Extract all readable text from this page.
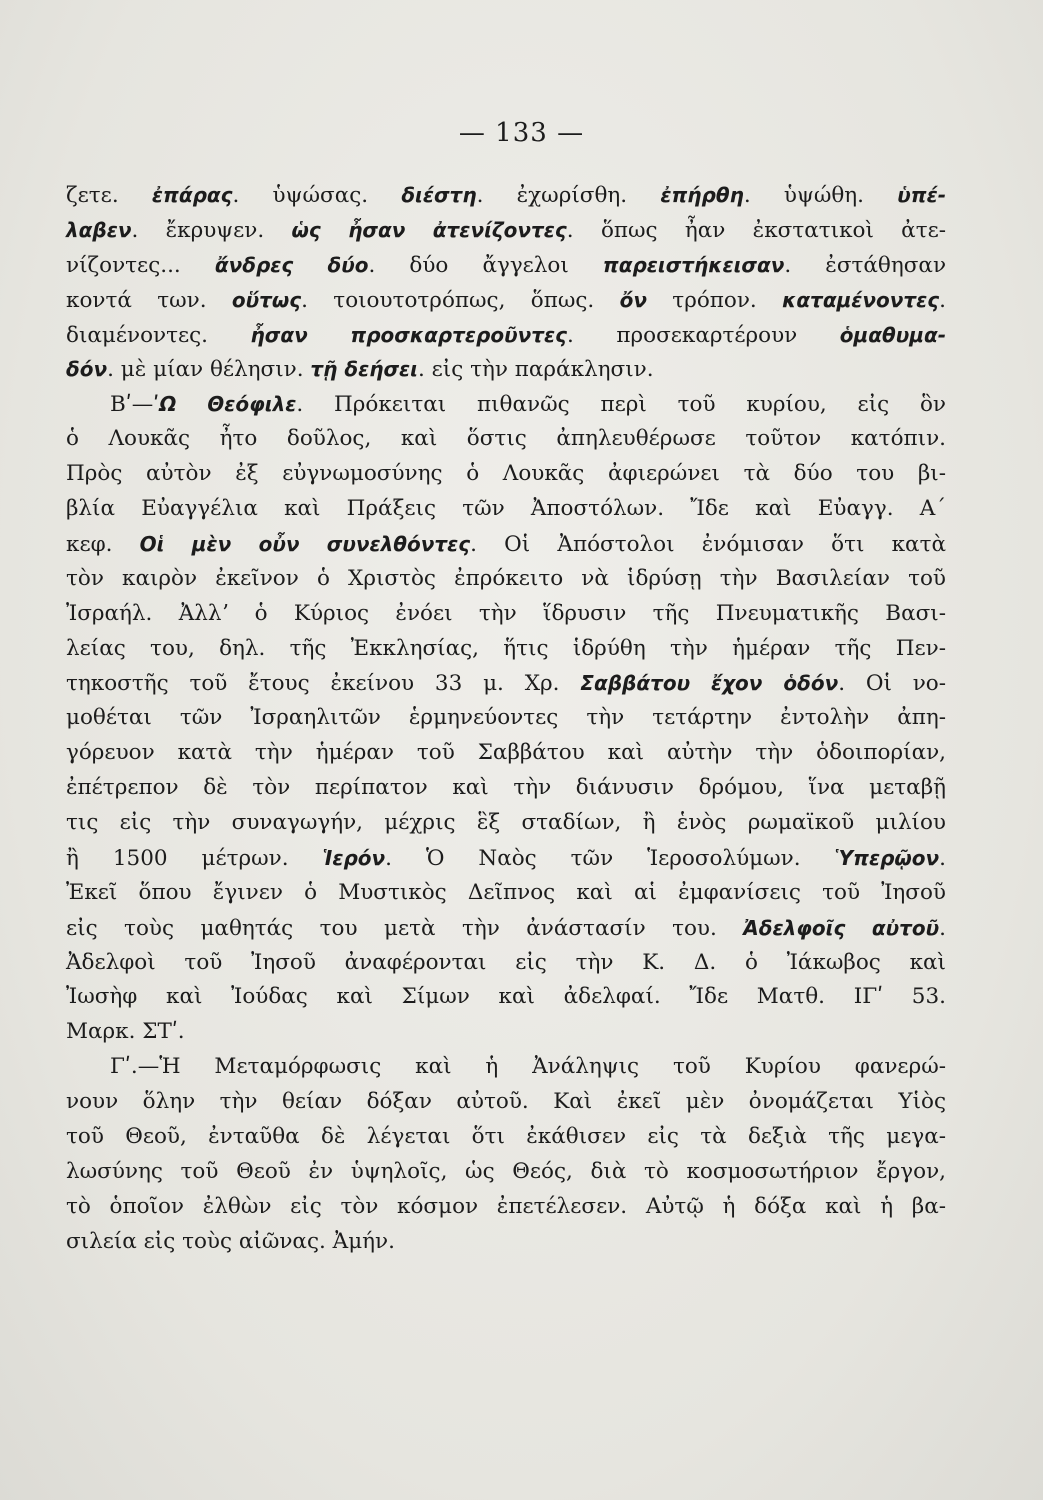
— 133 —
ζετε. ἐπάρας. ὑψώσας. διέστη. ἐχωρίσθη. ἐπήρθη. ὑψώθη. ὑπέ-
λαβεν. ἔκρυψεν. ὡς ἦσαν ἀτενίζοντες. ὅπως ἦαν ἐκστατικοὶ ἀτε-
νίζοντες... ἄνδρες δύο. δύο ἄγγελοι παρειστήκεισαν. ἐστάθησαν
κοντά των. οὕτως. τοιουτοτρόπως, ὅπως. ὄν τρόπον. καταμένοντες.
διαμένοντες. ἦσαν προσκαρτεροῦντες. προσεκαρτέρουν ὁμαθυμα-
δόν. μὲ μίαν θέλησιν. τῇ δεήσει. εἰς τὴν παράκλησιν.
Βʹ—ʹΩ Θεόφιλε. Πρόκειται πιθανῶς περὶ τοῦ κυρίου, εἰς ὃν
ὁ Λουκᾶς ἦτο δοῦλος, καὶ ὅστις ἀπηλευθέρωσε τοῦτον κατόπιν.
Πρὸς αὐτὸν ἐξ εὐγνωμοσύνης ὁ Λουκᾶς ἀφιερώνει τὰ δύο του βι-
βλία Εὐαγγέλια καὶ Πράξεις τῶν Ἀποστόλων. Ἴδε καὶ Εὐαγγ. Α΄
κεφ. Οἱ μὲν οὖν συνελθόντες. Οἱ Ἀπόστολοι ἐνόμισαν ὅτι κατὰ
τὸν καιρὸν ἐκεῖνον ὁ Χριστὸς ἐπρόκειτο νὰ ἱδρύσῃ τὴν Βασιλείαν τοῦ
Ἰσραήλ. Ἀλλʼ ὁ Κύριος ἐνόει τὴν ἵδρυσιν τῆς Πνευματικῆς Βασι-
λείας του, δηλ. τῆς Ἐκκλησίας, ἥτις ἱδρύθη τὴν ἡμέραν τῆς Πεν-
τηκοστῆς τοῦ ἔτους ἐκείνου 33 μ. Χρ. Σαββάτου ἔχον ὁδόν. Οἱ νο-
μοθέται τῶν Ἰσραηλιτῶν ἑρμηνεύοντες τὴν τετάρτην ἐντολὴν ἀπη-
γόρευον κατὰ τὴν ἡμέραν τοῦ Σαββάτου καὶ αὐτὴν τὴν ὁδοιπορίαν,
ἐπέτρεπον δὲ τὸν περίπατον καὶ τὴν διάνυσιν δρόμου, ἵνα μεταβῇ
τις εἰς τὴν συναγωγήν, μέχρις ἓξ σταδίων, ἢ ἑνὸς ρωμαϊκοῦ μιλίου
ἢ 1500 μέτρων. Ἱερόν. Ὁ Ναὸς τῶν Ἱεροσολύμων. Ὑπερῷον.
Ἐκεῖ ὅπου ἔγινεν ὁ Μυστικὸς Δεῖπνος καὶ αἱ ἐμφανίσεις τοῦ Ἰησοῦ
εἰς τοὺς μαθητάς του μετὰ τὴν ἀνάστασίν του. Ἀδελφοῖς αὐτοῦ.
Ἀδελφοὶ τοῦ Ἰησοῦ ἀναφέρονται εἰς τὴν Κ. Δ. ὁ Ἰάκωβος καὶ
Ἰωσὴφ καὶ Ἰούδας καὶ Σίμων καὶ ἀδελφαί. Ἴδε Ματθ. ΙΓʹ 53.
Μαρκ. ΣΤʹ.
Γʹ.—Ἡ Μεταμόρφωσις καὶ ἡ Ἀνάληψις τοῦ Κυρίου φανερώ-
νουν ὅλην τὴν θείαν δόξαν αὐτοῦ. Καὶ ἐκεῖ μὲν ὀνομάζεται Υἱὸς
τοῦ Θεοῦ, ἐνταῦθα δὲ λέγεται ὅτι ἐκάθισεν εἰς τὰ δεξιὰ τῆς μεγα-
λωσύνης τοῦ Θεοῦ ἐν ὑψηλοῖς, ὡς Θεός, διὰ τὸ κοσμοσωτήριον ἔργον,
τὸ ὁποῖον ἐλθὼν εἰς τὸν κόσμον ἐπετέλεσεν. Αὐτῷ ἡ δόξα καὶ ἡ βα-
σιλεία εἰς τοὺς αἰῶνας. Ἀμήν.
